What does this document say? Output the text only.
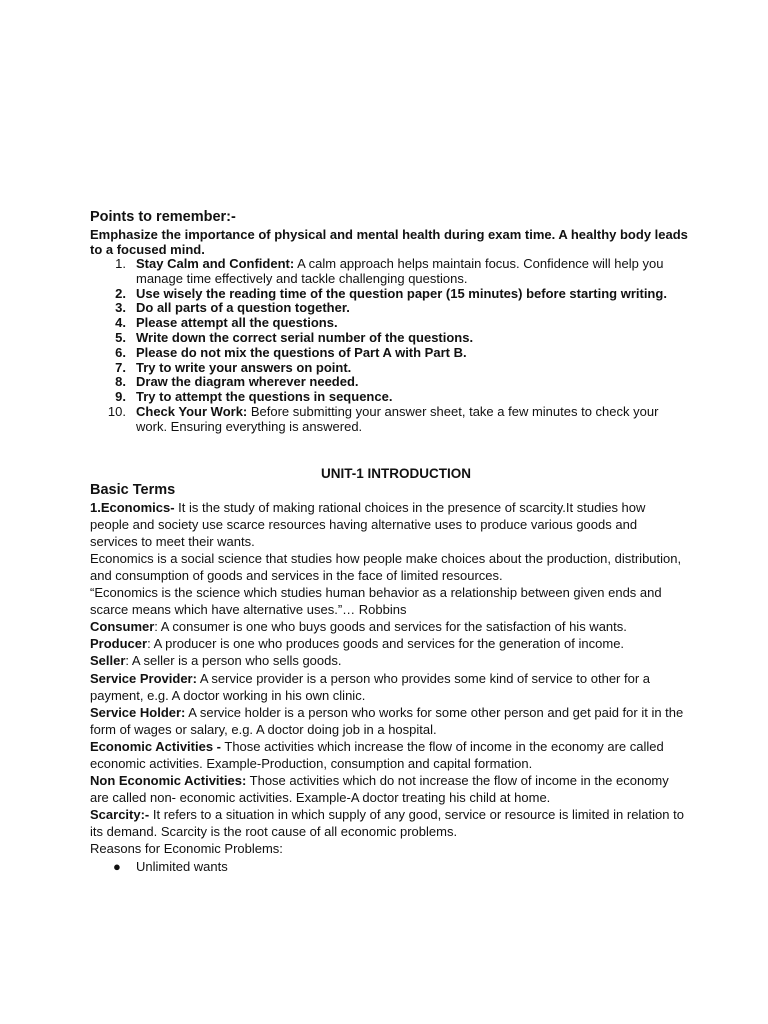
Points to remember:-
Emphasize the importance of physical and mental health during exam time. A healthy body leads to a focused mind.
1. Stay Calm and Confident: A calm approach helps maintain focus. Confidence will help you manage time effectively and tackle challenging questions.
2. Use wisely the reading time of the question paper (15 minutes) before starting writing.
3. Do all parts of a question together.
4. Please attempt all the questions.
5. Write down the correct serial number of the questions.
6. Please do not mix the questions of Part A with Part B.
7. Try to write your answers on point.
8. Draw the diagram wherever needed.
9. Try to attempt the questions in sequence.
10. Check Your Work: Before submitting your answer sheet, take a few minutes to check your work. Ensuring everything is answered.
UNIT-1 INTRODUCTION
Basic Terms

1.Economics- It is the study of making rational choices in the presence of scarcity.It studies how people and society use scarce resources having alternative uses to produce various goods and services to meet their wants.

Economics is a social science that studies how people make choices about the production, distribution, and consumption of goods and services in the face of limited resources.

“Economics is the science which studies human behavior as a relationship between given ends and scarce means which have alternative uses.”… Robbins

Consumer: A consumer is one who buys goods and services for the satisfaction of his wants.

Producer: A producer is one who produces goods and services for the generation of income.

Seller: A seller is a person who sells goods.

Service Provider: A service provider is a person who provides some kind of service to other for a payment, e.g. A doctor working in his own clinic.

Service Holder: A service holder is a person who works for some other person and get paid for it in the form of wages or salary, e.g. A doctor doing job in a hospital.

Economic Activities - Those activities which increase the flow of income in the economy are called economic activities. Example-Production, consumption and capital formation.

Non Economic Activities: Those activities which do not increase the flow of income in the economy are called non- economic activities. Example-A doctor treating his child at home.

Scarcity:- It refers to a situation in which supply of any good, service or resource is limited in relation to its demand. Scarcity is the root cause of all economic problems.

Reasons for Economic Problems:

● Unlimited wants
